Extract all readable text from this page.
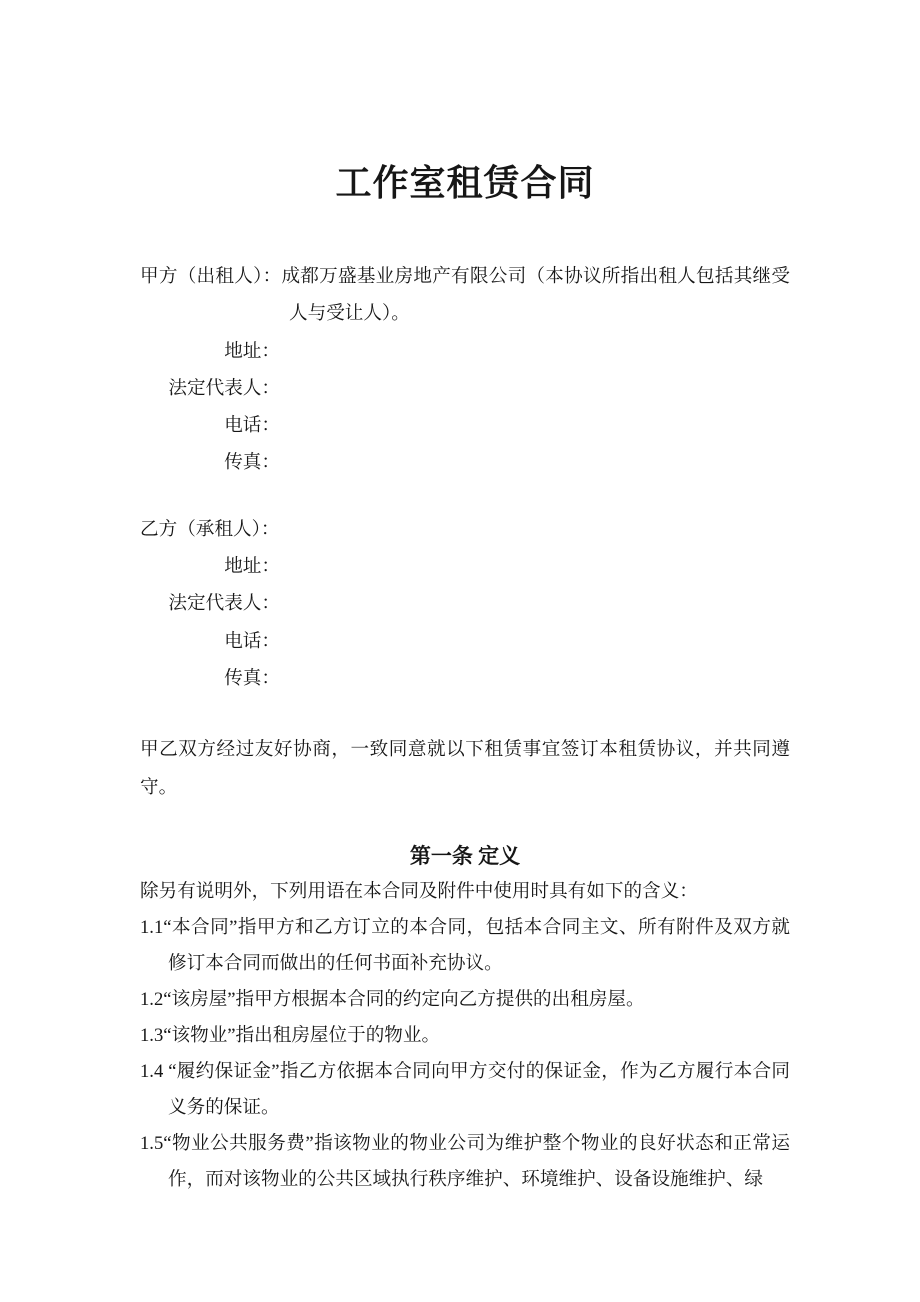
工作室租赁合同

甲方（出租人）：成都万盛基业房地产有限公司（本协议所指出租人包括其继受人与受让人）。

地址：
法定代表人：
电话：
传真：

乙方（承租人）：

地址：
法定代表人：
电话：
传真：

甲乙双方经过友好协商，一致同意就以下租赁事宜签订本租赁协议，并共同遵守。

第一条 定义

除另有说明外，下列用语在本合同及附件中使用时具有如下的含义：

1.1“本合同”指甲方和乙方订立的本合同，包括本合同主文、所有附件及双方就修订本合同而做出的任何书面补充协议。

1.2“该房屋”指甲方根据本合同的约定向乙方提供的出租房屋。

1.3“该物业”指出租房屋位于的物业。

1.4 “履约保证金”指乙方依据本合同向甲方交付的保证金，作为乙方履行本合同义务的保证。

1.5“物业公共服务费”指该物业的物业公司为维护整个物业的良好状态和正常运作，而对该物业的公共区域执行秩序维护、环境维护、设备设施维护、绿
